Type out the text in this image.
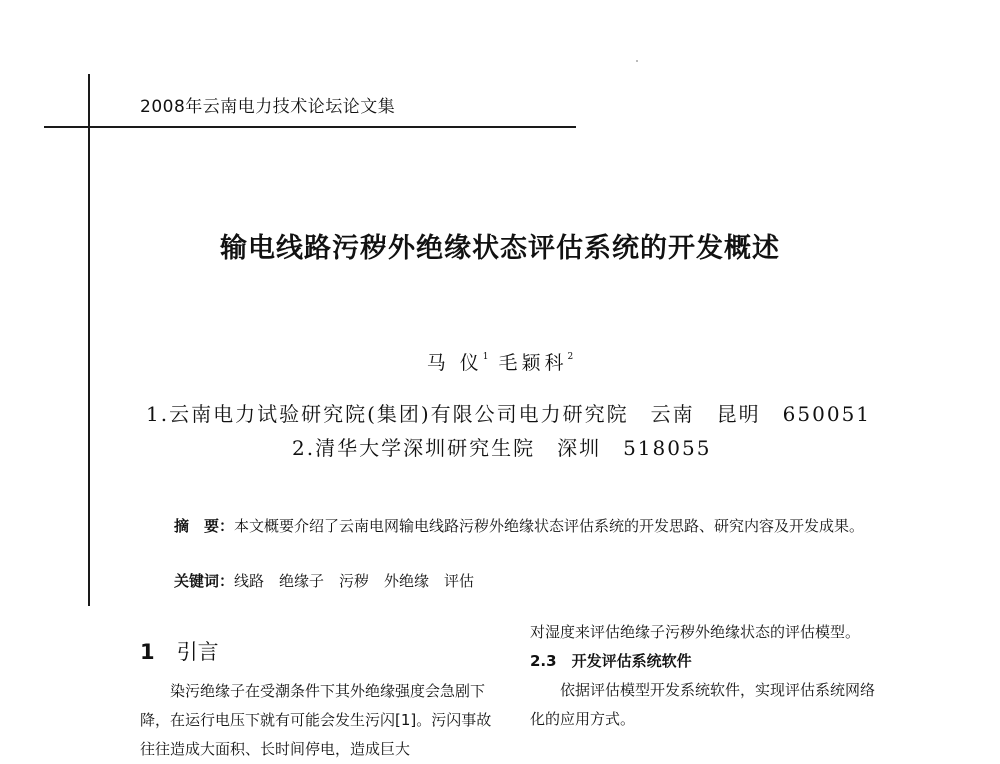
2008年云南电力技术论坛论文集
输电线路污秽外绝缘状态评估系统的开发概述
马 仪$^1$ 毛颖科$^2$
1.云南电力试验研究院(集团)有限公司电力研究院　云南　昆明　650051
2.清华大学深圳研究生院　深圳　518055
摘　要：本文概要介绍了云南电网输电线路污秽外绝缘状态评估系统的开发思路、研究内容及开发成果。
关键词：线路　绝缘子　污秽　外绝缘　评估
1 引言
染污绝缘子在受潮条件下其外绝缘强度会急剧下降，在运行电压下就有可能会发生污闪[1]。污闪事故往往造成大面积、长时间停电，造成巨大
对湿度来评估绝缘子污秽外绝缘状态的评估模型。
2.3　开发评估系统软件
依据评估模型开发系统软件，实现评估系统网络化的应用方式。
